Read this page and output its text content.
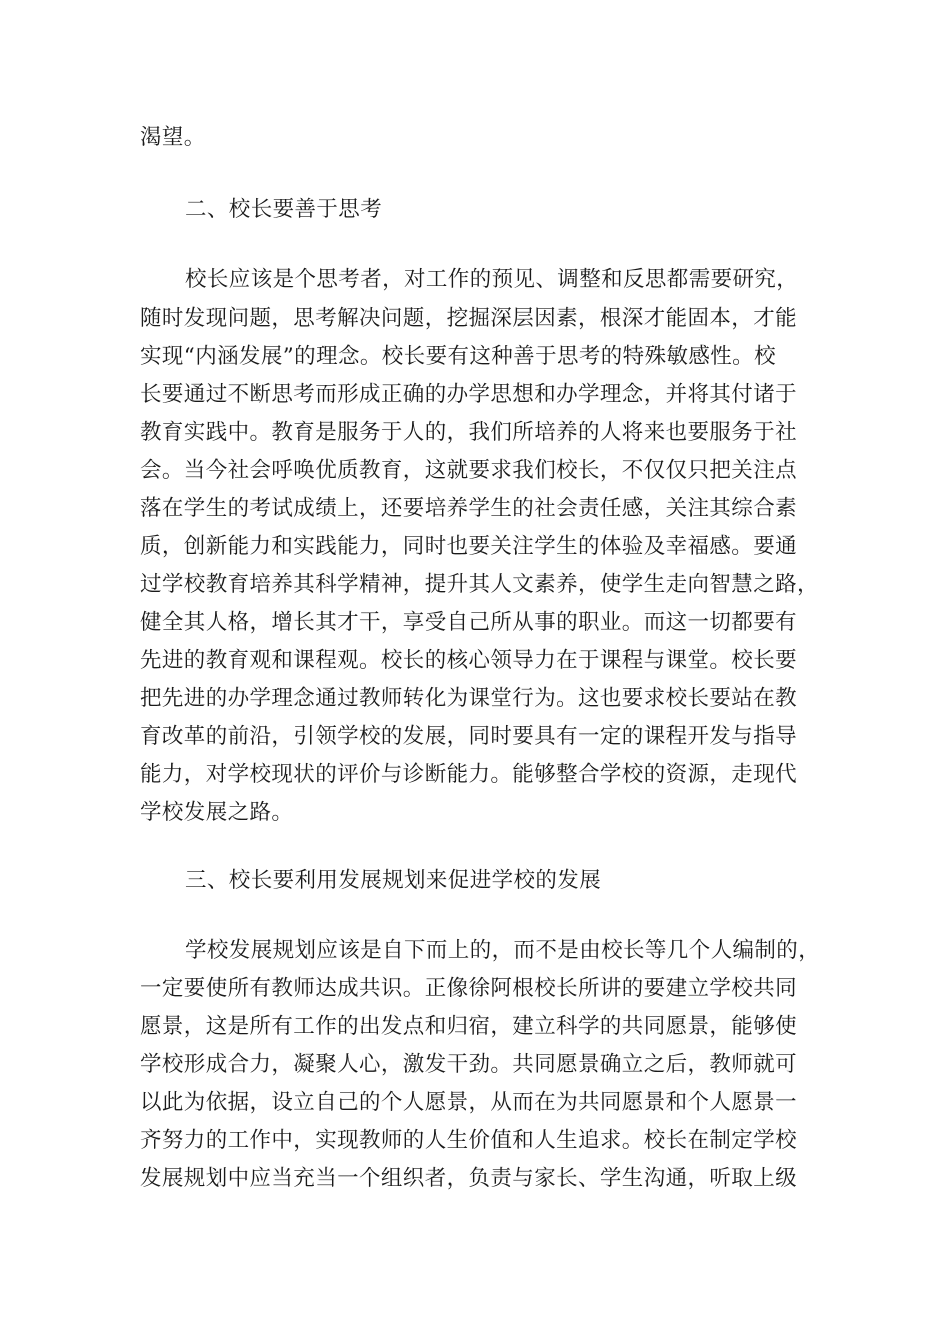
渴望。

二、校长要善于思考

校长应该是个思考者，对工作的预见、调整和反思都需要研究，

随时发现问题，思考解决问题，挖掘深层因素，根深才能固本，才能

实现“内涵发展”的理念。校长要有这种善于思考的特殊敏感性。校

长要通过不断思考而形成正确的办学思想和办学理念，并将其付诸于

教育实践中。教育是服务于人的，我们所培养的人将来也要服务于社

会。当今社会呼唤优质教育，这就要求我们校长，不仅仅只把关注点

落在学生的考试成绩上，还要培养学生的社会责任感，关注其综合素

质，创新能力和实践能力，同时也要关注学生的体验及幸福感。要通

过学校教育培养其科学精神，提升其人文素养，使学生走向智慧之路，

健全其人格，增长其才干，享受自己所从事的职业。而这一切都要有

先进的教育观和课程观。校长的核心领导力在于课程与课堂。校长要

把先进的办学理念通过教师转化为课堂行为。这也要求校长要站在教

育改革的前沿，引领学校的发展，同时要具有一定的课程开发与指导

能力，对学校现状的评价与诊断能力。能够整合学校的资源，走现代

学校发展之路。

三、校长要利用发展规划来促进学校的发展

学校发展规划应该是自下而上的，而不是由校长等几个人编制的，

一定要使所有教师达成共识。正像徐阿根校长所讲的要建立学校共同

愿景，这是所有工作的出发点和归宿，建立科学的共同愿景，能够使

学校形成合力，凝聚人心，激发干劲。共同愿景确立之后，教师就可

以此为依据，设立自己的个人愿景，从而在为共同愿景和个人愿景一

齐努力的工作中，实现教师的人生价值和人生追求。校长在制定学校

发展规划中应当充当一个组织者，负责与家长、学生沟通，听取上级
